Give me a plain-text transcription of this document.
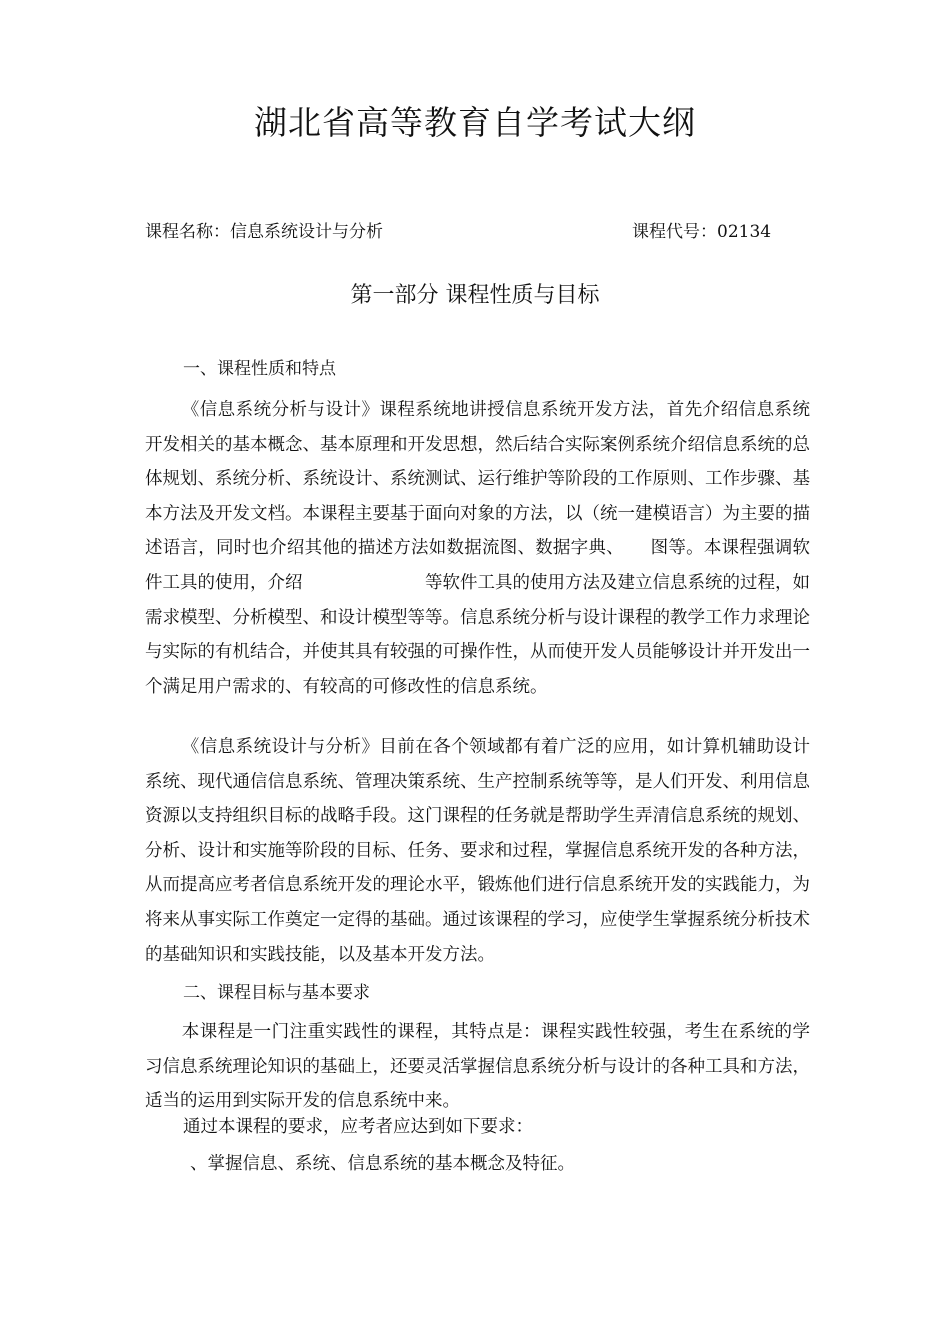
湖北省高等教育自学考试大纲
课程名称：信息系统设计与分析	课程代号：02134
第一部分 课程性质与目标
一、课程性质和特点

《信息系统分析与设计》课程系统地讲授信息系统开发方法，首先介绍信息系统开发相关的基本概念、基本原理和开发思想，然后结合实际案例系统介绍信息系统的总体规划、系统分析、系统设计、系统测试、运行维护等阶段的工作原则、工作步骤、基本方法及开发文档。本课程主要基于面向对象的方法，以（统一建模语言）为主要的描述语言，同时也介绍其他的描述方法如数据流图、数据字典、　　图等。本课程强调软件工具的使用，介绍　　　　　　　等软件工具的使用方法及建立信息系统的过程，如需求模型、分析模型、和设计模型等等。信息系统分析与设计课程的教学工作力求理论与实际的有机结合，并使其具有较强的可操作性，从而使开发人员能够设计并开发出一个满足用户需求的、有较高的可修改性的信息系统。

《信息系统设计与分析》目前在各个领域都有着广泛的应用，如计算机辅助设计系统、现代通信信息系统、管理决策系统、生产控制系统等等，是人们开发、利用信息资源以支持组织目标的战略手段。这门课程的任务就是帮助学生弄清信息系统的规划、分析、设计和实施等阶段的目标、任务、要求和过程，掌握信息系统开发的各种方法，从而提高应考者信息系统开发的理论水平，锻炼他们进行信息系统开发的实践能力，为将来从事实际工作奠定一定得的基础。通过该课程的学习，应使学生掌握系统分析技术的基础知识和实践技能，以及基本开发方法。

二、课程目标与基本要求

本课程是一门注重实践性的课程，其特点是：课程实践性较强，考生在系统的学习信息系统理论知识的基础上，还要灵活掌握信息系统分析与设计的各种工具和方法，适当的运用到实际开发的信息系统中来。

通过本课程的要求，应考者应达到如下要求：
、掌握信息、系统、信息系统的基本概念及特征。
